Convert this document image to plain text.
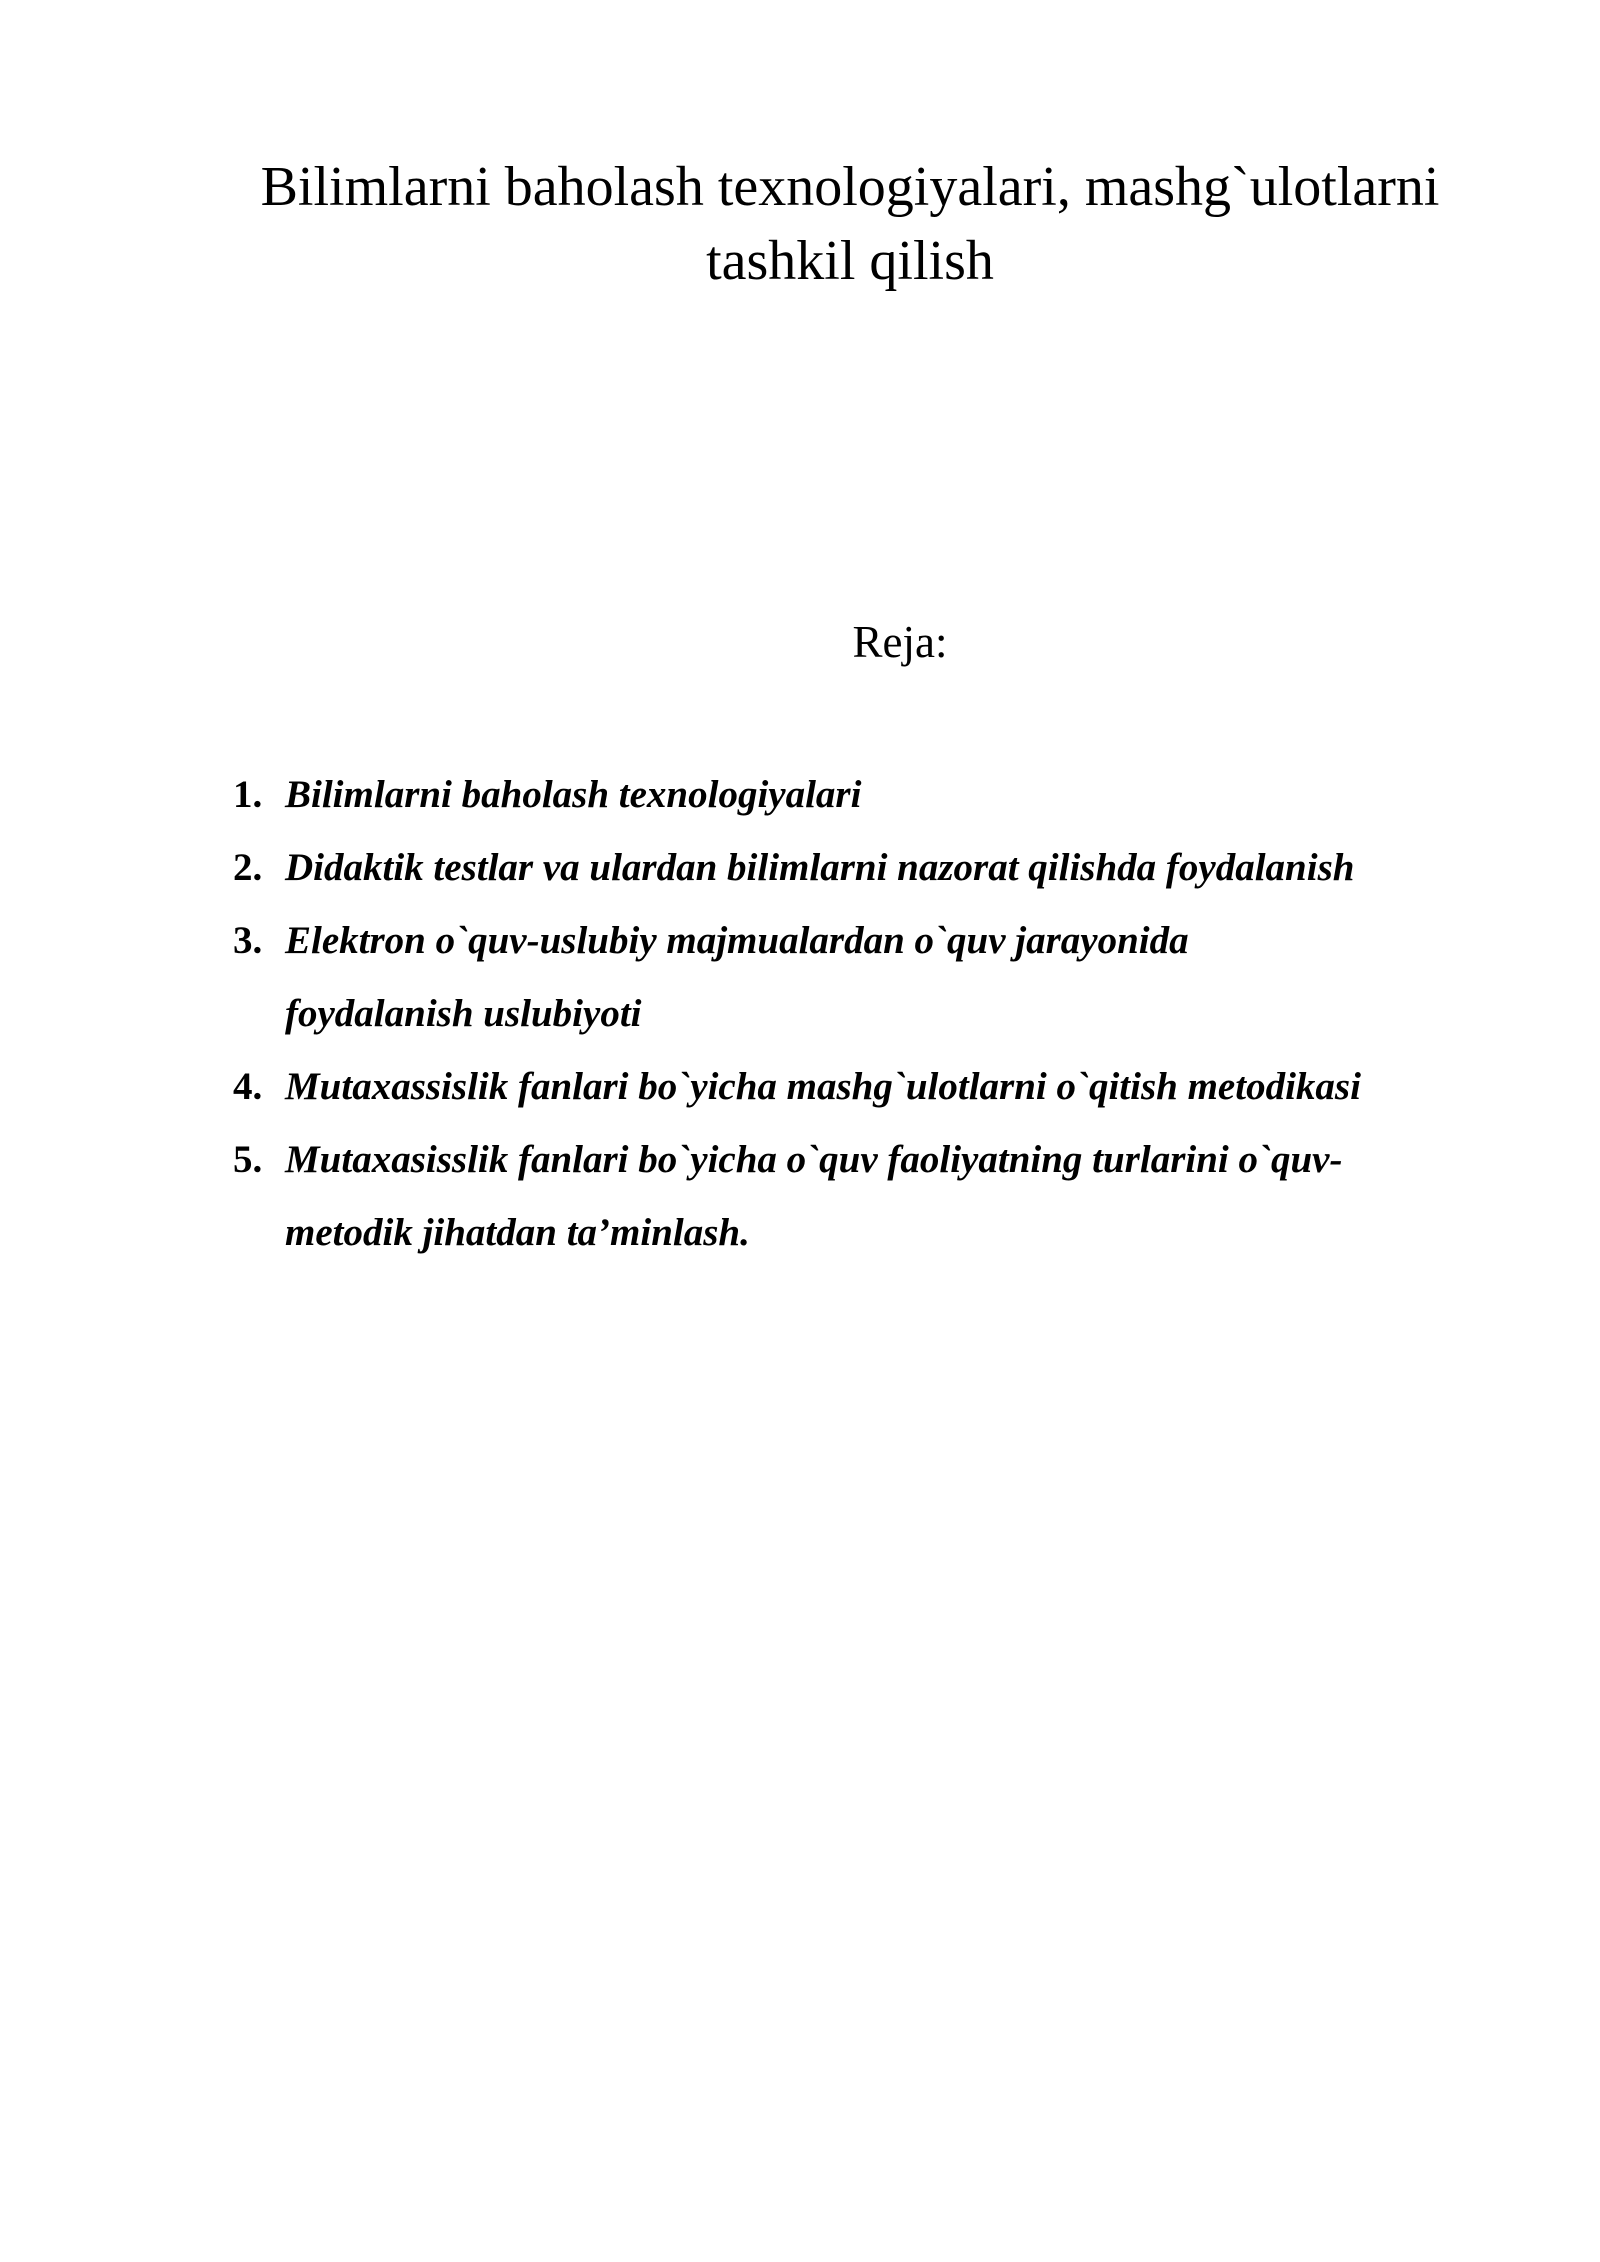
Bilimlarni baholash texnologiyalari, mashg`ulotlarni
tashkil qilish
Reja:
1. Bilimlarni baholash texnologiyalari
2. Didaktik testlar va ulardan bilimlarni nazorat qilishda foydalanish
3. Elektron o`quv-uslubiy majmualardan o`quv jarayonida
foydalanish uslubiyoti
4. Mutaxassislik fanlari bo`yicha mashg`ulotlarni o`qitish metodikasi
5. Mutaxasisslik fanlari bo`yicha o`quv faoliyatning turlarini o`quv-
metodik jihatdan ta’minlash.
